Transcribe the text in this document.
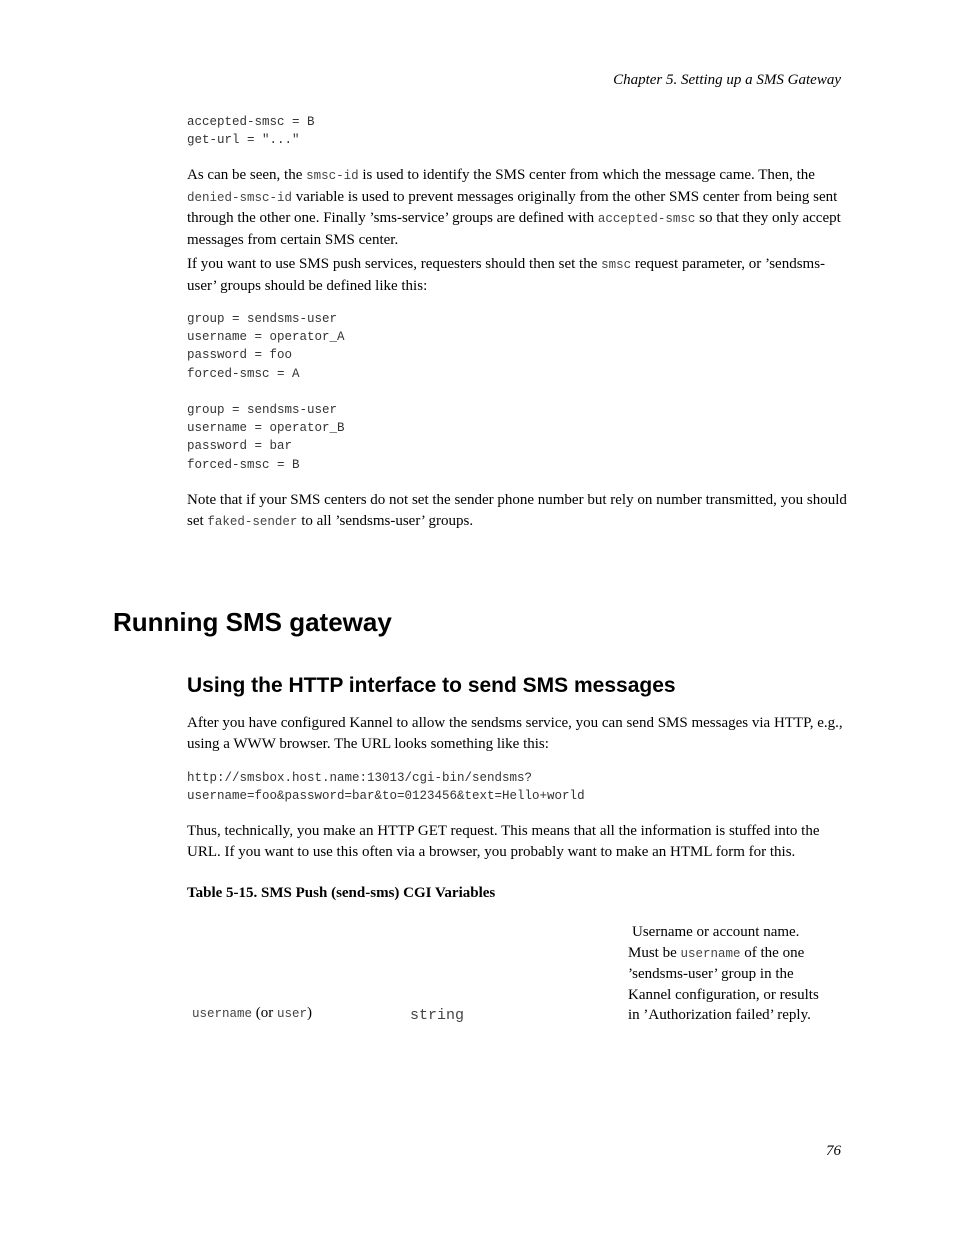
Chapter 5. Setting up a SMS Gateway
accepted-smsc = B
get-url = "..."

As can be seen, the smsc-id is used to identify the SMS center from which the message came. Then, the denied-smsc-id variable is used to prevent messages originally from the other SMS center from being sent through the other one. Finally ’sms-service’ groups are defined with accepted-smsc so that they only accept messages from certain SMS center.

If you want to use SMS push services, requesters should then set the smsc request parameter, or ’sendsms-user’ groups should be defined like this:

group = sendsms-user
username = operator_A
password = foo
forced-smsc = A

group = sendsms-user
username = operator_B
password = bar
forced-smsc = B

Note that if your SMS centers do not set the sender phone number but rely on number transmitted, you should set faked-sender to all ’sendsms-user’ groups.

Running SMS gateway
Using the HTTP interface to send SMS messages

After you have configured Kannel to allow the sendsms service, you can send SMS messages via HTTP, e.g., using a WWW browser. The URL looks something like this:

http://smsbox.host.name:13013/cgi-bin/sendsms?
username=foo&password=bar&to=0123456&text=Hello+world

Thus, technically, you make an HTTP GET request. This means that all the information is stuffed into the URL. If you want to use this often via a browser, you probably want to make an HTML form for this.

Table 5-15. SMS Push (send-sms) CGI Variables
username (or user)	string
Username or account name. Must be username of the one ’sendsms-user’ group in the Kannel configuration, or results in ’Authorization failed’ reply.
76
